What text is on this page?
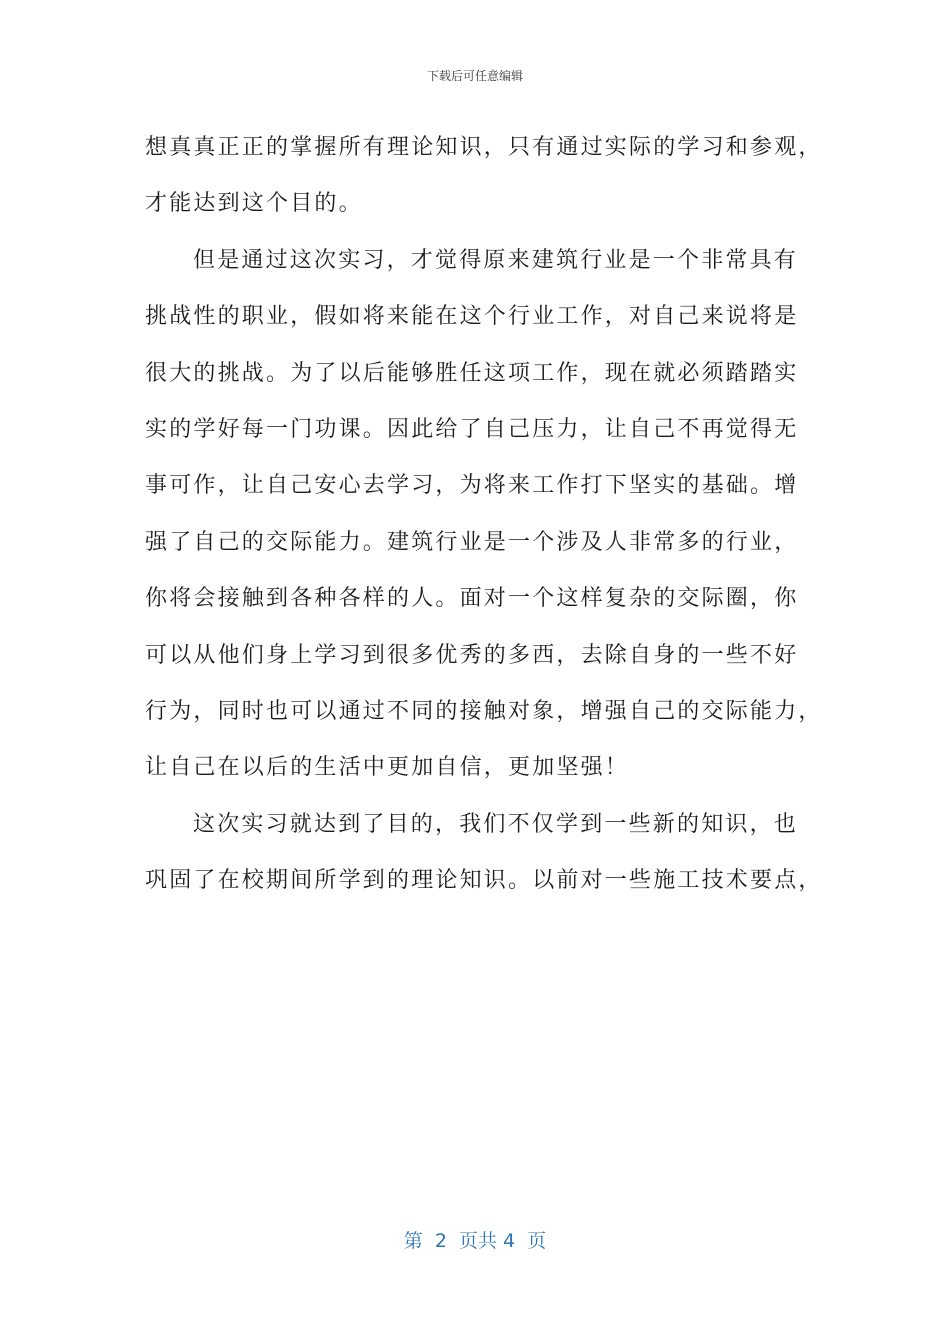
下载后可任意编辑
想真真正正的掌握所有理论知识，只有通过实际的学习和参观，
才能达到这个目的。
但是通过这次实习，才觉得原来建筑行业是一个非常具有
挑战性的职业，假如将来能在这个行业工作，对自己来说将是
很大的挑战。为了以后能够胜任这项工作，现在就必须踏踏实
实的学好每一门功课。因此给了自己压力，让自己不再觉得无
事可作，让自己安心去学习，为将来工作打下坚实的基础。增
强了自己的交际能力。建筑行业是一个涉及人非常多的行业，
你将会接触到各种各样的人。面对一个这样复杂的交际圈，你
可以从他们身上学习到很多优秀的多西，去除自身的一些不好
行为，同时也可以通过不同的接触对象，增强自己的交际能力，
让自己在以后的生活中更加自信，更加坚强！
这次实习就达到了目的，我们不仅学到一些新的知识，也
巩固了在校期间所学到的理论知识。以前对一些施工技术要点，
第  2  页共 4  页
